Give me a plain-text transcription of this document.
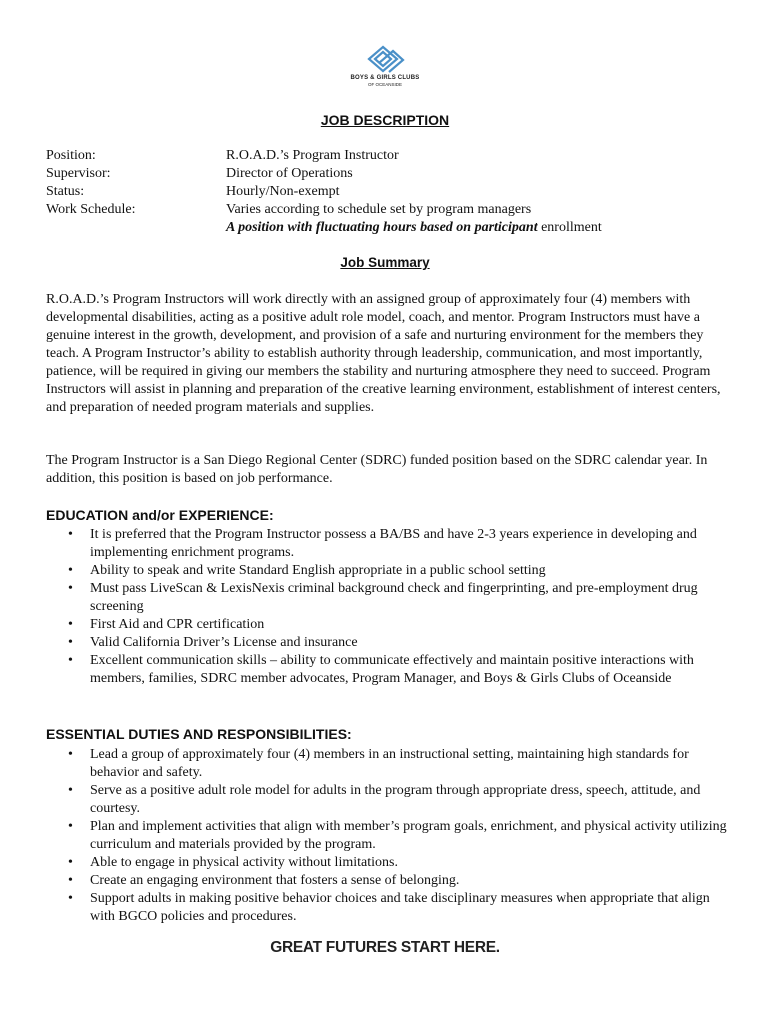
BOYS & GIRLS CLUBS
OF OCEANSIDE
JOB DESCRIPTION
Position:	R.O.A.D.’s Program Instructor
Supervisor:	Director of Operations
Status:	Hourly/Non-exempt
Work Schedule:	Varies according to schedule set by program managers
A position with fluctuating hours based on participant enrollment
Job Summary
R.O.A.D.’s Program Instructors will work directly with an assigned group of approximately four (4) members with developmental disabilities, acting as a positive adult role model, coach, and mentor. Program Instructors must have a genuine interest in the growth, development, and provision of a safe and nurturing environment for the members they teach. A Program Instructor’s ability to establish authority through leadership, communication, and most importantly, patience, will be required in giving our members the stability and nurturing atmosphere they need to succeed. Program Instructors will assist in planning and preparation of the creative learning environment, establishment of interest centers, and preparation of needed program materials and supplies.
The Program Instructor is a San Diego Regional Center (SDRC) funded position based on the SDRC calendar year. In addition, this position is based on job performance.
EDUCATION and/or EXPERIENCE:
• It is preferred that the Program Instructor possess a BA/BS and have 2-3 years experience in developing and implementing enrichment programs.
• Ability to speak and write Standard English appropriate in a public school setting
• Must pass LiveScan & LexisNexis criminal background check and fingerprinting, and pre-employment drug screening
• First Aid and CPR certification
• Valid California Driver’s License and insurance
• Excellent communication skills – ability to communicate effectively and maintain positive interactions with members, families, SDRC member advocates, Program Manager, and Boys & Girls Clubs of Oceanside
ESSENTIAL DUTIES AND RESPONSIBILITIES:
• Lead a group of approximately four (4) members in an instructional setting, maintaining high standards for behavior and safety.
• Serve as a positive adult role model for adults in the program through appropriate dress, speech, attitude, and courtesy.
• Plan and implement activities that align with member’s program goals, enrichment, and physical activity utilizing curriculum and materials provided by the program.
• Able to engage in physical activity without limitations.
• Create an engaging environment that fosters a sense of belonging.
• Support adults in making positive behavior choices and take disciplinary measures when appropriate that align with BGCO policies and procedures.
GREAT FUTURES START HERE.
